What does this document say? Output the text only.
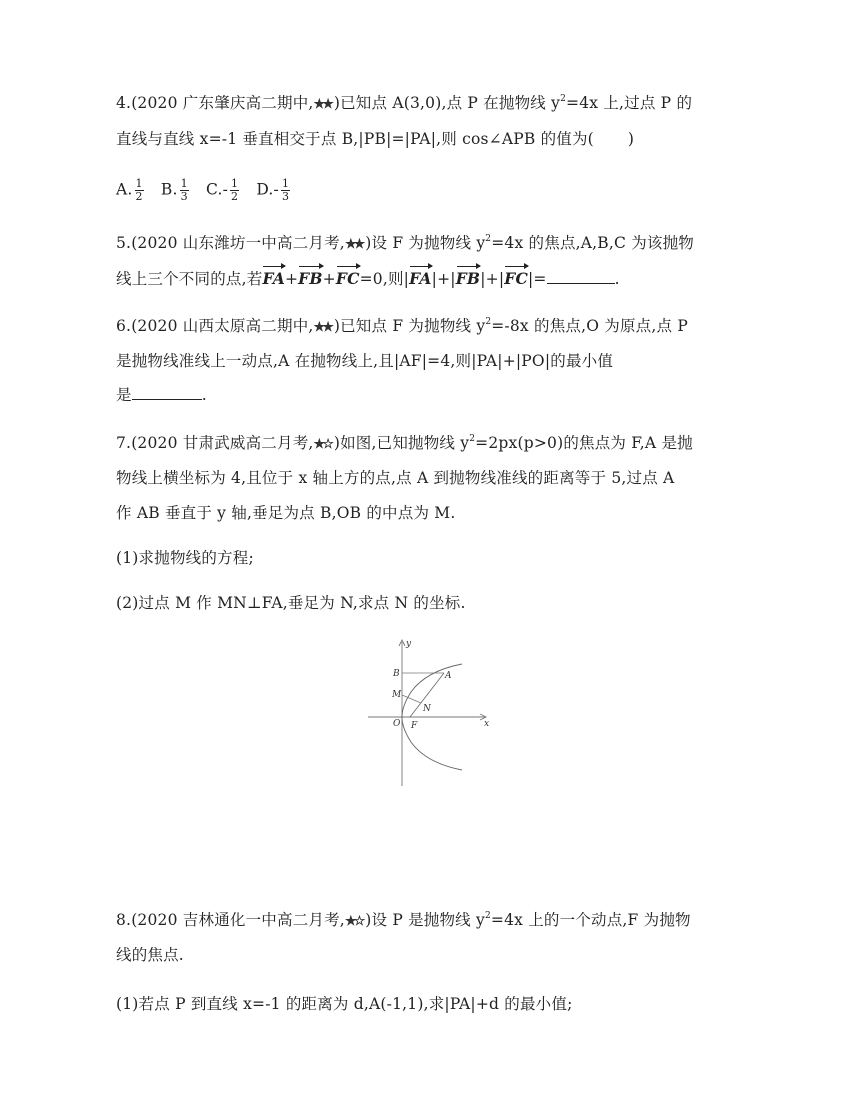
4.(2020 广东肇庆高二期中,★★ )已知点 A(3,0),点 P 在抛物线 $y^2=4x$ 上,过点 P 的
直线与直线 x=-1 垂直相交于点 B,|PB|=|PA|,则 cos∠APB 的值为( )
A. $\frac{1}{2} B$. $\frac{1}{3} C.- \frac{1}{2} D.- \frac{1}{3}$
5.(2020 山东潍坊一中高二月考,★★ )设 F 为抛物线 $y^2=4x$ 的焦点,A,B,C 为该抛物
线上三个不同的点,若FA+FB+FC=0,则|FA|+|FB|+|FC|=	.
6.(2020 山西太原高二期中,★★ )已知点 F 为抛物线 $y^2=-8x$ 的焦点,O 为原点,点 P
是抛物线准线上一动点,A 在抛物线上,且|AF|=4,则|PA|+|PO|的最小值
是	.
7.(2020 甘肃武威高二月考,★☆ )如图,已知抛物线 $y^2=2px(p>0)$的焦点为 F,A 是抛
物线上横坐标为 4,且位于 x 轴上方的点,点 A 到抛物线准线的距离等于 5,过点 A
作 AB 垂直于 y 轴,垂足为点 B,OB 的中点为 M.
(1)求抛物线的方程;
(2)过点 M 作 MN⊥FA,垂足为 N,求点 N 的坐标.
y
x
B	A
M
N
O F
8.(2020 吉林通化一中高二月考,★☆ )设 P 是抛物线 $y^2=4x$ 上的一个动点,F 为抛物
线的焦点.
(1)若点 P 到直线 x=-1 的距离为 d,A(-1,1),求|PA|+d 的最小值;
